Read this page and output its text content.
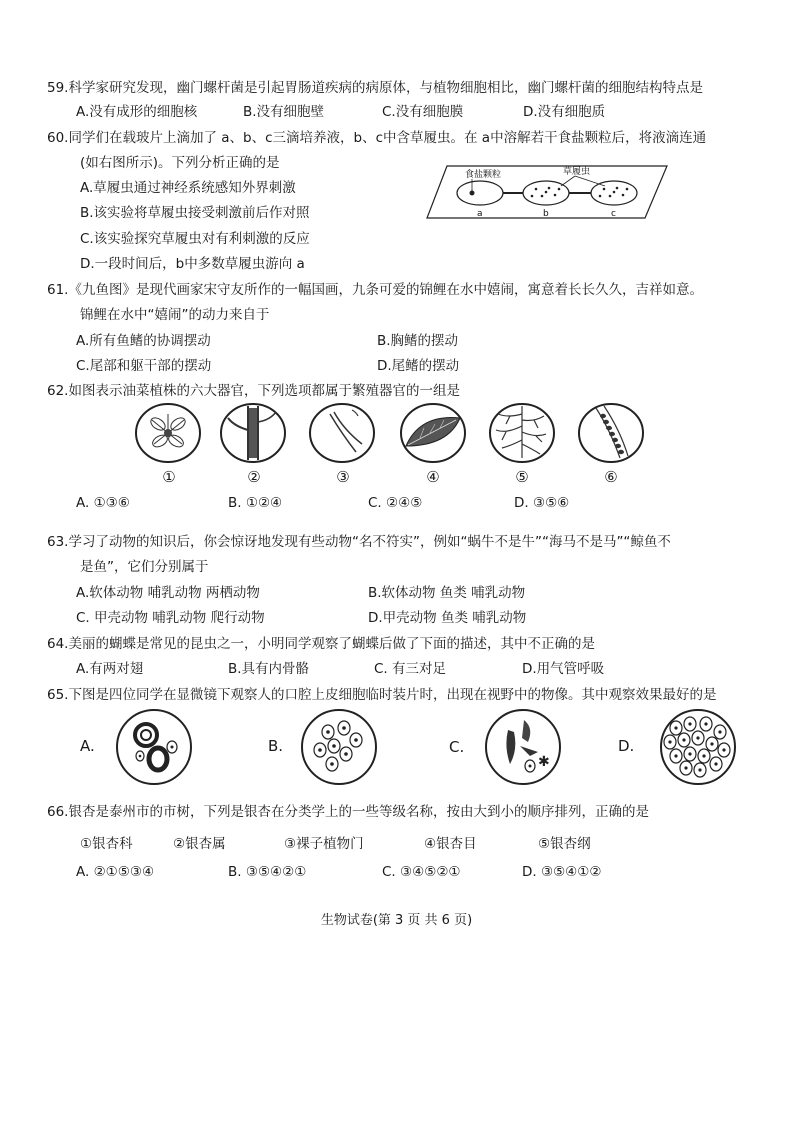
59.科学家研究发现，幽门螺杆菌是引起胃肠道疾病的病原体，与植物细胞相比，幽门螺杆菌的细胞结构特点是
A.没有成形的细胞核	B.没有细胞壁	C.没有细胞膜	D.没有细胞质
60.同学们在载玻片上滴加了 a、b、c三滴培养液，b、c中含草履虫。在 a中溶解若干食盐颗粒后，将液滴连通
(如右图所示)。下列分析正确的是
A.草履虫通过神经系统感知外界刺激
B.该实验将草履虫接受刺激前后作对照
C.该实验探究草履虫对有利刺激的反应
D.一段时间后，b中多数草履虫游向 a
食盐颗粒	草履虫
a	b	c
61.《九鱼图》是现代画家宋守友所作的一幅国画，九条可爱的锦鲤在水中嬉闹，寓意着长长久久，吉祥如意。
锦鲤在水中“嬉闹”的动力来自于
A.所有鱼鳍的协调摆动	B.胸鳍的摆动
C.尾部和躯干部的摆动	D.尾鳍的摆动
62.如图表示油菜植株的六大器官，下列选项都属于繁殖器官的一组是
①	②	③	④	⑤	⑥
A. ①③⑥	B. ①②④	C. ②④⑤	D. ③⑤⑥
63.学习了动物的知识后，你会惊讶地发现有些动物“名不符实”，例如“蜗牛不是牛”“海马不是马”“鲸鱼不
是鱼”，它们分别属于
A.软体动物 哺乳动物 两栖动物	B.软体动物 鱼类 哺乳动物
C. 甲壳动物 哺乳动物 爬行动物	D.甲壳动物 鱼类 哺乳动物
64.美丽的蝴蝶是常见的昆虫之一，小明同学观察了蝴蝶后做了下面的描述，其中不正确的是
A.有两对翅	B.具有内骨骼	C. 有三对足	D.用气管呼吸
65.下图是四位同学在显微镜下观察人的口腔上皮细胞临时装片时，出现在视野中的物像。其中观察效果最好的是
A.	B.	C.	D.
✱
66.银杏是泰州市的市树，下列是银杏在分类学上的一些等级名称，按由大到小的顺序排列，正确的是
①银杏科	②银杏属	③裸子植物门	④银杏目	⑤银杏纲
A. ②①⑤③④	B. ③⑤④②①	C. ③④⑤②①	D. ③⑤④①②
生物试卷(第 3 页 共 6 页)
